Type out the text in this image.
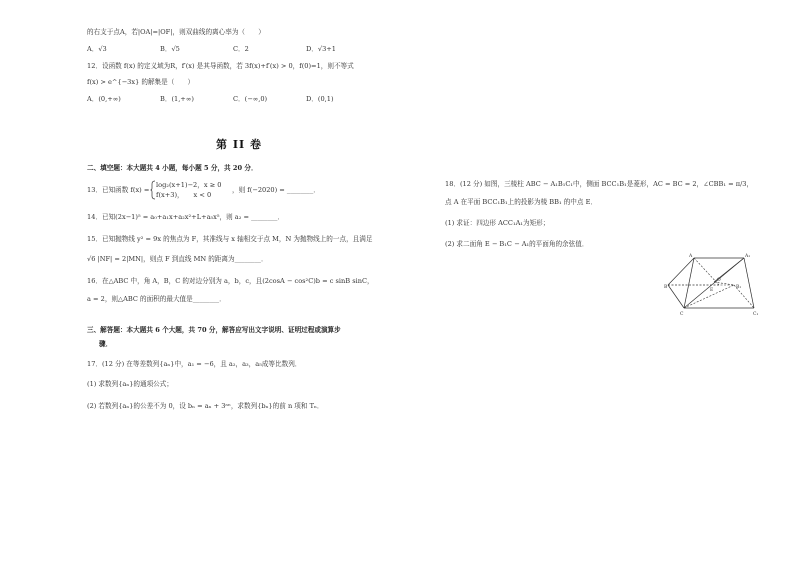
的右支于点A，若|OA|=|OF|，则双曲线的离心率为（　　）
A．√3	B．√5	C．2	D．√3+1
12．设函数 f(x) 的定义域为R，f′(x) 是其导函数，若 3f(x)+f′(x) > 0，f(0)=1，则不等式
f(x) > e^{−3x} 的解集是（　　）
A．(0,+∞)	B．(1,+∞)	C．(−∞,0)	D．(0,1)
第 II 卷
二、填空题：本大题共 4 小题，每小题 5 分，共 20 分．
13．已知函数 f(x) =
log₂(x+1)−2，x ≥ 0
f(x+3)，　　x < 0
，则 f(−2020) = ________．
14．已知(2x−1)⁵ = a₀+a₁x+a₂x²+L+a₅x⁵，则 a₂ = ________．
15．已知抛物线 y² = 9x 的焦点为 F，其准线与 x 轴相交于点 M，N 为抛物线上的一点，且满足
√6 |NF| = 2|MN|，则点 F 到直线 MN 的距离为________．
16．在△ABC 中，角 A，B，C 的对边分别为 a，b，c，且(2cosA − cos²C)b = c sinB sinC，
a = 2，则△ABC 的面积的最大值是________．
三、解答题：本大题共 6 个大题，共 70 分，解答应写出文字说明、证明过程或演算步
骤．
17．(12 分) 在等差数列{aₙ}中，a₁ = −6，且 a₂，a₃，a₅成等比数列．
(1) 求数列{aₙ}的通项公式；
(2) 若数列{aₙ}的公差不为 0，设 bₙ = aₙ + 3ᵃⁿ，求数列{bₙ}的前 n 项和 Tₙ．
18．(12 分) 如图，三棱柱 ABC − A₁B₁C₁中，侧面 BCC₁B₁是菱形，AC = BC = 2，∠CBB₁ = π/3，
点 A 在平面 BCC₁B₁上的投影为棱 BB₁ 的中点 E．
(1) 求证：四边形 ACC₁A₁为矩形；
(2) 求二面角 E − B₁C − A₁的平面角的余弦值．
A	A₁
B	B₁
C	C₁
E
O
